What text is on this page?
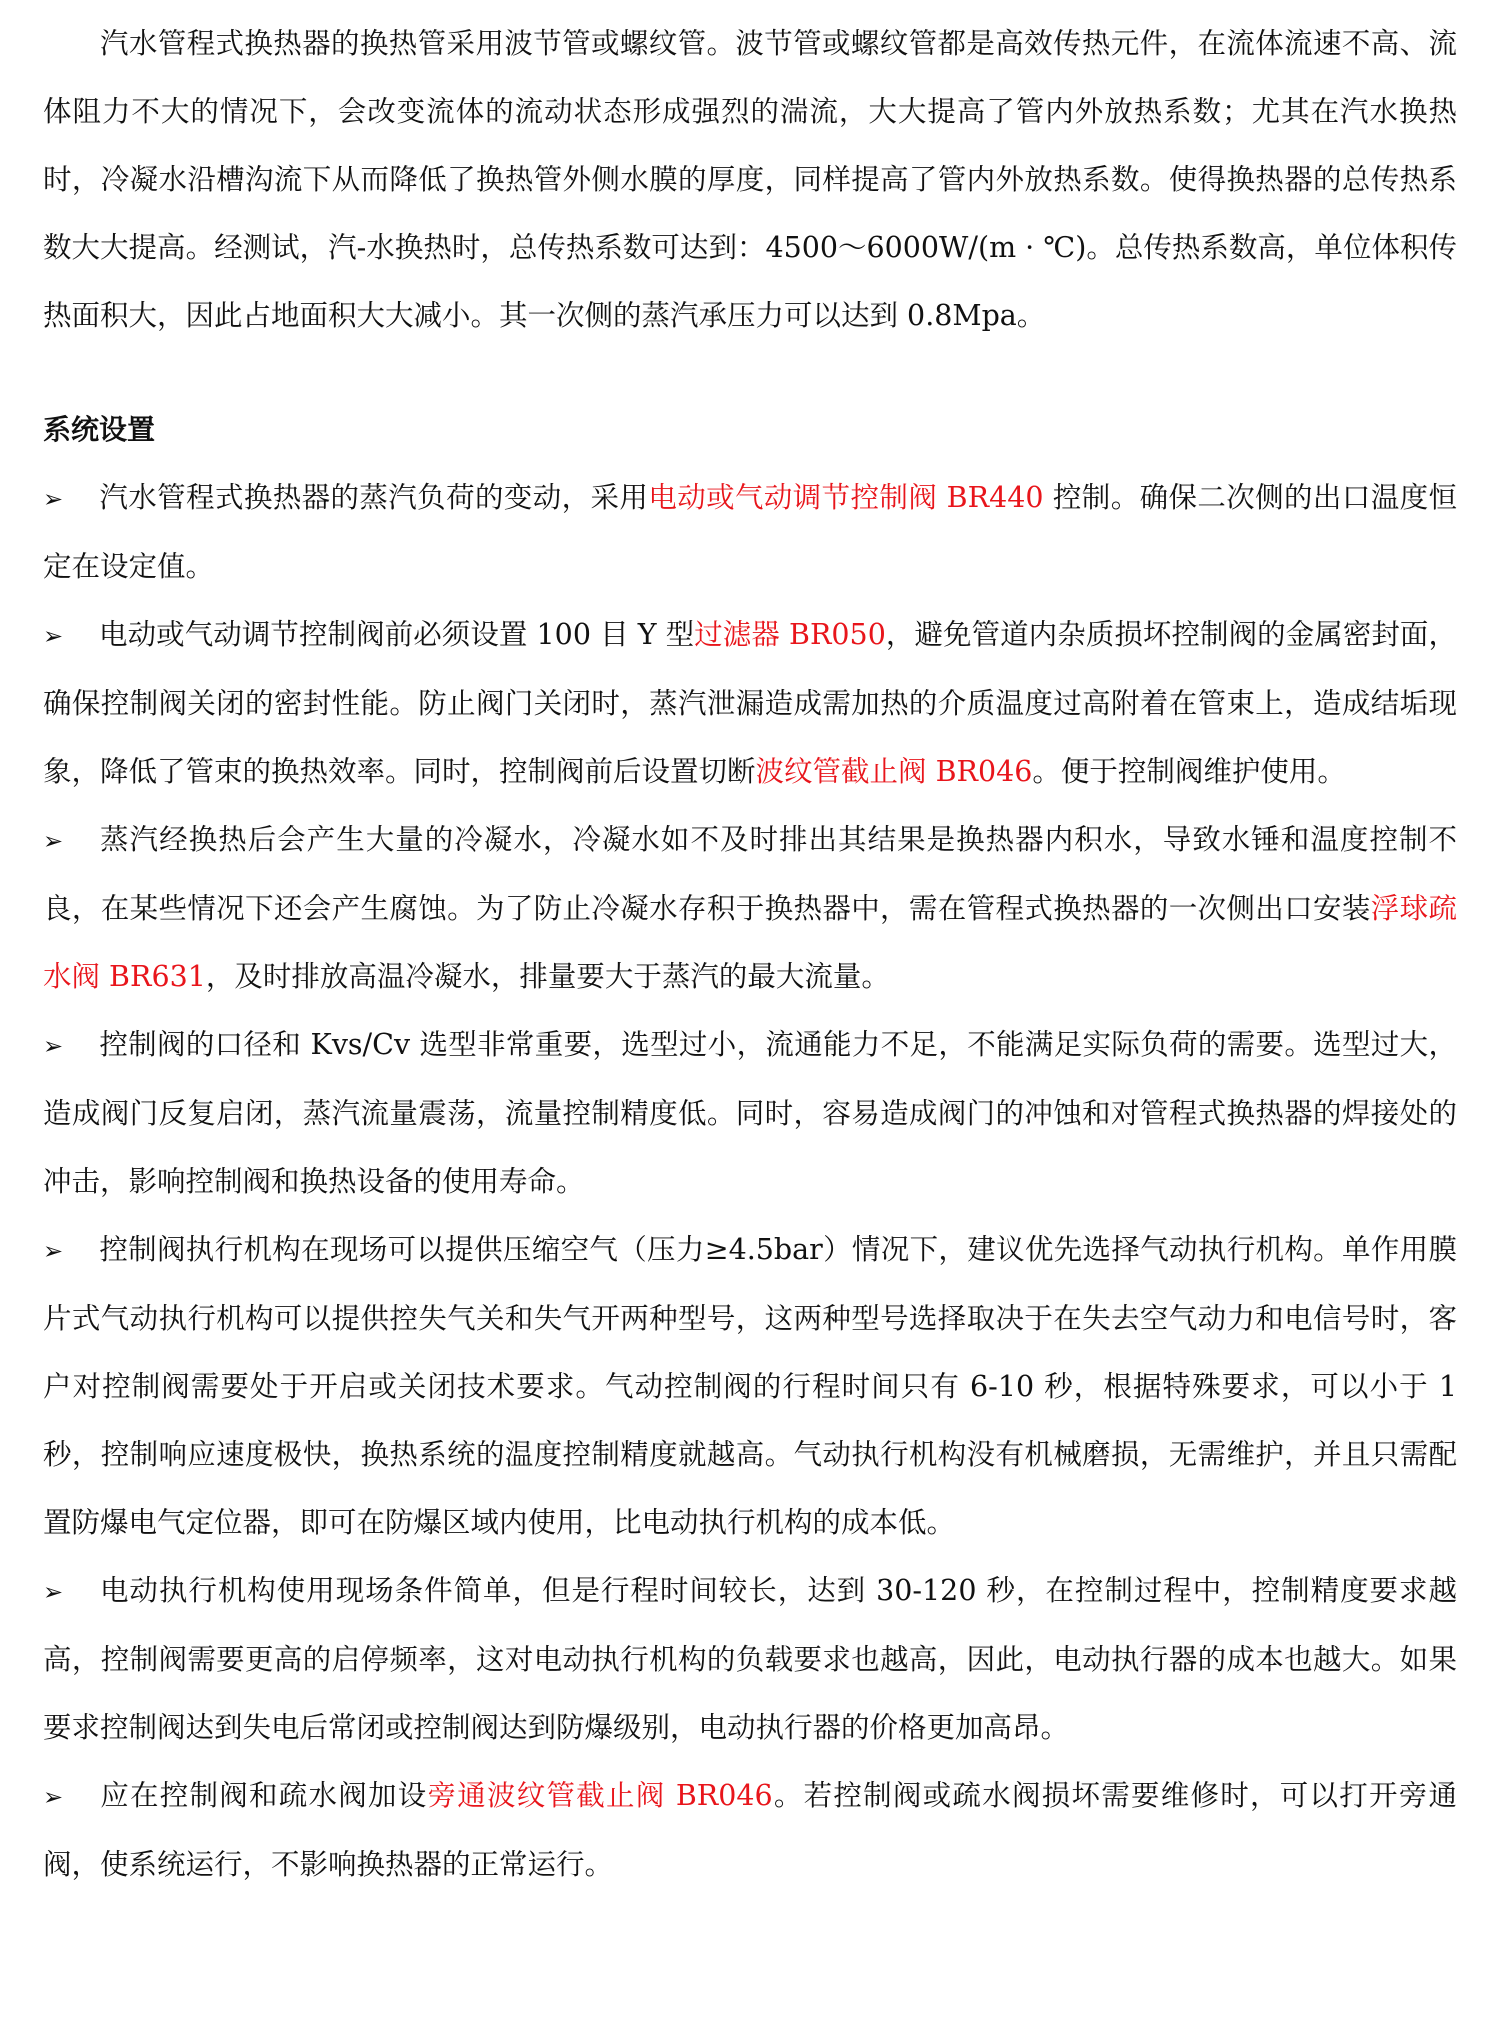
汽水管程式换热器的换热管采用波节管或螺纹管。波节管或螺纹管都是高效传热元件，在流体流速不高、流体阻力不大的情况下，会改变流体的流动状态形成强烈的湍流，大大提高了管内外放热系数；尤其在汽水换热时，冷凝水沿槽沟流下从而降低了换热管外侧水膜的厚度，同样提高了管内外放热系数。使得换热器的总传热系数大大提高。经测试，汽-水换热时，总传热系数可达到：4500～6000W/(m · ℃)。总传热系数高，单位体积传热面积大，因此占地面积大大减小。其一次侧的蒸汽承压力可以达到 0.8Mpa。

系统设置

➢ 汽水管程式换热器的蒸汽负荷的变动，采用电动或气动调节控制阀 BR440 控制。确保二次侧的出口温度恒定在设定值。

➢ 电动或气动调节控制阀前必须设置 100 目 Y 型过滤器 BR050，避免管道内杂质损坏控制阀的金属密封面，确保控制阀关闭的密封性能。防止阀门关闭时，蒸汽泄漏造成需加热的介质温度过高附着在管束上，造成结垢现象，降低了管束的换热效率。同时，控制阀前后设置切断波纹管截止阀 BR046。便于控制阀维护使用。

➢ 蒸汽经换热后会产生大量的冷凝水，冷凝水如不及时排出其结果是换热器内积水，导致水锤和温度控制不良，在某些情况下还会产生腐蚀。为了防止冷凝水存积于换热器中，需在管程式换热器的一次侧出口安装浮球疏水阀 BR631，及时排放高温冷凝水，排量要大于蒸汽的最大流量。

➢ 控制阀的口径和 Kvs/Cv 选型非常重要，选型过小，流通能力不足，不能满足实际负荷的需要。选型过大，造成阀门反复启闭，蒸汽流量震荡，流量控制精度低。同时，容易造成阀门的冲蚀和对管程式换热器的焊接处的冲击，影响控制阀和换热设备的使用寿命。

➢ 控制阀执行机构在现场可以提供压缩空气（压力≥4.5bar）情况下，建议优先选择气动执行机构。单作用膜片式气动执行机构可以提供控失气关和失气开两种型号，这两种型号选择取决于在失去空气动力和电信号时，客户对控制阀需要处于开启或关闭技术要求。气动控制阀的行程时间只有 6-10 秒，根据特殊要求，可以小于 1 秒，控制响应速度极快，换热系统的温度控制精度就越高。气动执行机构没有机械磨损，无需维护，并且只需配置防爆电气定位器，即可在防爆区域内使用，比电动执行机构的成本低。

➢ 电动执行机构使用现场条件简单，但是行程时间较长，达到 30-120 秒，在控制过程中，控制精度要求越高，控制阀需要更高的启停频率，这对电动执行机构的负载要求也越高，因此，电动执行器的成本也越大。如果要求控制阀达到失电后常闭或控制阀达到防爆级别，电动执行器的价格更加高昂。

➢ 应在控制阀和疏水阀加设旁通波纹管截止阀 BR046。若控制阀或疏水阀损坏需要维修时，可以打开旁通阀，使系统运行，不影响换热器的正常运行。
